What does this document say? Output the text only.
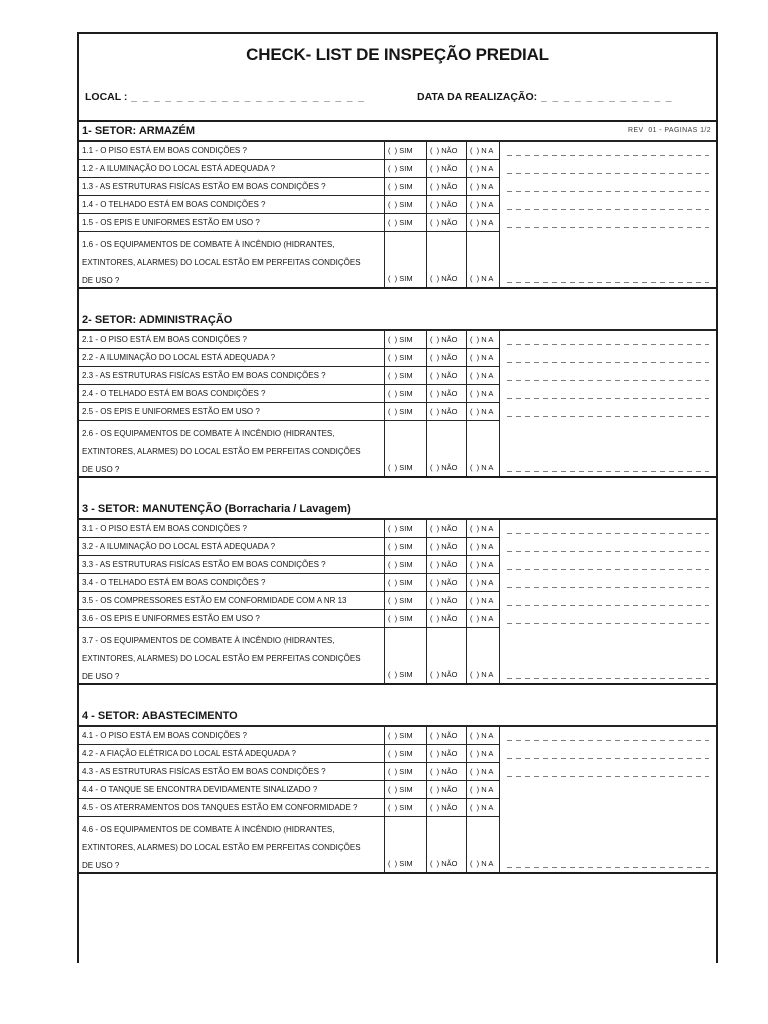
CHECK- LIST DE INSPEÇÃO PREDIAL
LOCAL : _ _ _ _ _ _ _ _ _ _ _ _ _ _ _ _ _ _ _ _ _	DATA DA REALIZAÇÃO: _ _ _ _ _ _ _ _ _ _ _ _
1- SETOR: ARMAZÉM	REV  01 - PAGINAS 1/2
1.1 - O PISO ESTÁ EM BOAS CONDIÇÕES ?	(  ) SIM	(  ) NÃO	(  ) N A
1.2 - A ILUMINAÇÃO DO LOCAL ESTÁ ADEQUADA ?	(  ) SIM	(  ) NÃO	(  ) N A
1.3 - AS ESTRUTURAS FISÍCAS ESTÃO EM BOAS CONDIÇÕES ?	(  ) SIM	(  ) NÃO	(  ) N A
1.4 - O TELHADO ESTÁ EM BOAS CONDIÇÕES ?	(  ) SIM	(  ) NÃO	(  ) N A
1.5 - OS EPIS E UNIFORMES ESTÃO EM USO ?	(  ) SIM	(  ) NÃO	(  ) N A
1.6 - OS EQUIPAMENTOS DE COMBATE À INCÊNDIO (HIDRANTES,
EXTINTORES, ALARMES) DO LOCAL ESTÃO EM PERFEITAS CONDIÇÕES
DE USO ?	(  ) SIM	(  ) NÃO	(  ) N A
2- SETOR: ADMINISTRAÇÃO
2.1 - O PISO ESTÁ EM BOAS CONDIÇÕES ?	(  ) SIM	(  ) NÃO	(  ) N A
2.2 - A ILUMINAÇÃO DO LOCAL ESTÁ ADEQUADA ?	(  ) SIM	(  ) NÃO	(  ) N A
2.3 - AS ESTRUTURAS FISÍCAS ESTÃO EM BOAS CONDIÇÕES ?	(  ) SIM	(  ) NÃO	(  ) N A
2.4 - O TELHADO ESTÁ EM BOAS CONDIÇÕES ?	(  ) SIM	(  ) NÃO	(  ) N A
2.5 - OS EPIS E UNIFORMES ESTÃO EM USO ?	(  ) SIM	(  ) NÃO	(  ) N A
2.6 - OS EQUIPAMENTOS DE COMBATE À INCÊNDIO (HIDRANTES,
EXTINTORES, ALARMES) DO LOCAL ESTÃO EM PERFEITAS CONDIÇÕES
DE USO ?	(  ) SIM	(  ) NÃO	(  ) N A
3 - SETOR: MANUTENÇÃO (Borracharia / Lavagem)
3.1 - O PISO ESTÁ EM BOAS CONDIÇÕES ?	(  ) SIM	(  ) NÃO	(  ) N A
3.2 - A ILUMINAÇÃO DO LOCAL ESTÁ ADEQUADA ?	(  ) SIM	(  ) NÃO	(  ) N A
3.3 - AS ESTRUTURAS FISÍCAS ESTÃO EM BOAS CONDIÇÕES ?	(  ) SIM	(  ) NÃO	(  ) N A
3.4 - O TELHADO ESTÁ EM BOAS CONDIÇÕES ?	(  ) SIM	(  ) NÃO	(  ) N A
3.5 - OS COMPRESSORES ESTÃO EM CONFORMIDADE COM A NR 13	(  ) SIM	(  ) NÃO	(  ) N A
3.6 - OS EPIS E UNIFORMES ESTÃO EM USO ?	(  ) SIM	(  ) NÃO	(  ) N A
3.7 - OS EQUIPAMENTOS DE COMBATE À INCÊNDIO (HIDRANTES,
EXTINTORES, ALARMES) DO LOCAL ESTÃO EM PERFEITAS CONDIÇÕES
DE USO ?	(  ) SIM	(  ) NÃO	(  ) N A
4 - SETOR: ABASTECIMENTO
4.1 - O PISO ESTÁ EM BOAS CONDIÇÕES ?	(  ) SIM	(  ) NÃO	(  ) N A
4.2 - A FIAÇÃO ELÉTRICA DO LOCAL ESTÁ ADEQUADA ?	(  ) SIM	(  ) NÃO	(  ) N A
4.3 - AS ESTRUTURAS FISÍCAS ESTÃO EM BOAS CONDIÇÕES ?	(  ) SIM	(  ) NÃO	(  ) N A
4.4 - O TANQUE SE ENCONTRA DEVIDAMENTE SINALIZADO ?	(  ) SIM	(  ) NÃO	(  ) N A
4.5 - OS ATERRAMENTOS DOS TANQUES ESTÃO EM CONFORMIDADE ?	(  ) SIM	(  ) NÃO	(  ) N A
4.6 - OS EQUIPAMENTOS DE COMBATE À INCÊNDIO (HIDRANTES,
EXTINTORES, ALARMES) DO LOCAL ESTÃO EM PERFEITAS CONDIÇÕES
DE USO ?	(  ) SIM	(  ) NÃO	(  ) N A
